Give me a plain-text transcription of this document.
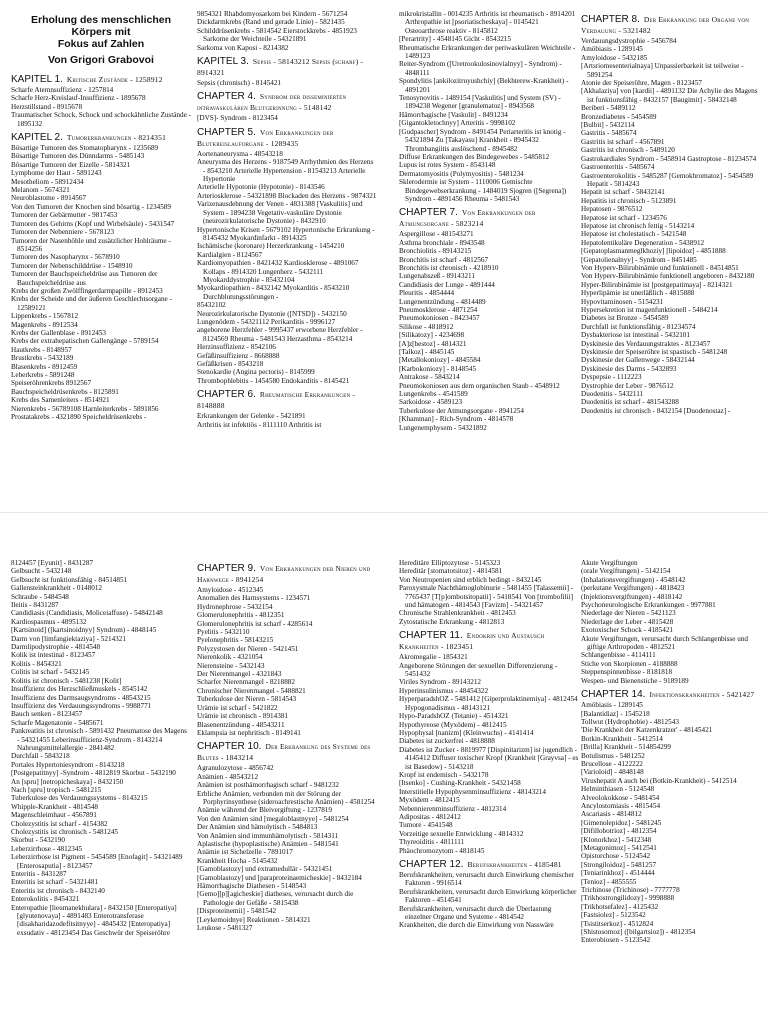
Erholung des menschlichen
Körpers mit
Fokus auf Zahlen
Von Grigori Grabovoi
KAPITEL 1. Kritische Zustände - 1258912
Scharfe Atemnsuffizienz - 1257814
Scharfe Herz-Kreislauf-Insuffizienz - 1895678
Herzstillstand - 8915678
Traumatischer Schock, Schock und schockähnliche Zustände - 1895132
KAPITEL 2. Tumorerkrankungen - 8214351
Bösartige Tumoren des Stomatopharynx - 1235689
Bösartige Tumoren des Dünndarms - 5485143
Bösartige Tumoren der Eizelle - 5814321
Lymphome der Haut - 5891243
Mesotheliom - 58912434
Melanom - 5674321
Neuroblastome - 8914567
Von den Tumoren der Knochen sind bösartig - 1234589
Tumoren der Gebärmutter - 9817453
Tumoren des Gehirns (Kopf und Wirbelsäule) - 5431547
Tumoren der Nebenniere - 5678123
Tumoren der Nasenhöhle und zusätzlicher Hohlräume - 8514256
Tumoren des Nasopharynx - 5678910
Tumoren der Nebenschilddrüse - 1548910
Tumoren der Bauchspeicheldrüse aus Tumoren der Bauchspeicheldrüse aus
Krebs der großen Zwölffingerdarmpapille - 8912453
Krebs der Scheide und der äußeren Geschlechtsorgane - 12589121
Lippenkrebs - 1567812
Magenkrebs - 8912534
Krebs der Gallenblase - 8912453
Krebs der extrahepatischen Gallengänge - 5789154
Hautkrebs - 8148957
Brustkrebs - 5432189
Blasenkrebs - 8912459
Leberkrebs - 5891248
Speiseröhrenkrebs 8912567
Bauchspeicheldrüsenkrebs - 8125891
Krebs des Samenleiters - 8514921
Nierenkrebs - 56789108 Harnleiterkrebs - 5891856
Prostatakrebs - 4321890 Speicheldrüsenkrebs -
9854321 Rhabdomyosarkom bei Kindern - 5671254
Dickdarmkrebs (Rand und gerade Linie) - 5821435
Schilddrüsenkrebs - 5814542 Eierstockkrebs - 4851923 Sarkome der Weichteile - 54321891
Sarkoma von Kaposi - 8214382
KAPITEL 3. Sepsis - 58143212 Sepsis (scharf) - 8914321
Sepsis (chronisch) - 8145421
CHAPTER 4. Syndrom der disseminierten intravaskulären Blutgerinnung - 5148142
[DVS]- Syndrom - 8123454
CHAPTER 5. Von Erkrankungen der Blutkreislauforgane - 1289435
Aortenaneurysma - 48543218
Aneurysma des Herzens - 9187549 Arrhythmien des Herzens - 8543210 Arterielle Hypertension - 81543213 Arterielle Hypertonie
Arterielle Hypotonie (Hypotonie) - 8143546
Arteriosklerose - 54321898 Blockaden des Herzens - 9874321
Varizenausdehnung der Venen - 4831388 [Vaskulitis] und System - 1894238 Vegetativ-vaskuläre Dystonie (neurozirkulatorische Dystonie) - 8432910
Hypertonische Krisen - 5679102 Hypertonische Erkrankung - 8145432 Myokardinfarkt - 8914325
Ischämische (koronare) Herzerkrankung - 1454210
Kardialgien - 8124567
Kardiomyopathien - 8421432 Kardiosklerose - 4891067 Kollaps - 8914320 Lungenherz - 5432111 Myokarddystrophie - 85432104
Myokardiopathien - 8432142 Myokarditis - 8543210 Durchblutungsstörungen -
85432102
Neurozirkulatorische Dystonie ([NTSD]) - 5432150
Lungenödem - 54321112 Perikarditis - 9996127
angeborene Herzfehler - 9995437 erworbene Herzfehler - 8124569 Rheuma - 5481543 Herzasthma - 8543214
Herzinsuffizienz - 8542106
Gefäßinsuffizienz - 8668888
Gefäßkrisen - 8543218
Stenokardie (Angina pectoris) - 8145999
Thrombophlebitis - 1454580 Endokarditis - 8145421
CHAPTER 6. Rheumatische Erkrankungen - 8148888
Erkrankungen der Gelenke - 5421891
Arthritis ist infektiös - 8111110 Arthritis ist
mikrokristallin - 0014235 Arthritis ist rheumatisch - 8914201 Arthropathie ist [psoriatischeskaya] - 0145421 Osteoarthrose reaktiv - 8145812
[Perartrity] - 4548145 Gicht - 8543215
Rheumatische Erkrankungen der periwaskulären Weichteile - 1489123
Reiter-Syndrom ([Uretrookulosinovialnyy] - Syndrom) - 4848111
Spondylitis [ankilozitruyushchiy] (Bekhterew-Krankheit) - 4891201
Tenosynovitis - 1489154 [Vaskulitis] und System (SV) - 1894238 Wegener [granulematoz] - 8943568
Hämorrhagische [Vaskulit] - 8491234
[Gigantokletochnyy] Arteritis - 9998102
[Gudpascher] Syndrom - 8491454 Periarteritis ist knotig - 54321894 Zu [Takayasu] Krankheit - 8945432 Thrombangiitis auslöschend - 8945482
Diffuse Erkrankungen des Bindegewebes - 5485812
Lupus ist rotes System - 8543148
Dermatomyositis (Polymyositis) - 5481234
Sklerodermie ist System - 1110006 Gemischte Bindegewebserkrankung - 1484019 Sjogren ([Sеgrena]) Syndrom - 4891456 Rheuma - 5481543
CHAPTER 7. Von Erkrankungen der Atmungsorgane - 5823214
Aspergillose - 481543271
Asthma bronchiale - 8943548
Bronchiolitis - 89143215
Bronchitis ist scharf - 4812567
Bronchitis ist chronisch - 4218910
Lungenabszeß - 89143211
Candidiasis der Lunge - 4891444
Pleuritis - 4854444
Lungenentzündung - 4814489
Pneumosklerose - 4871254
Pneumokoniosen - 8423457
Silikose - 4818912
[Silikatozy] - 4234698
[A]z[bestoz] - 4814321
[Talkoz] - 4845145
[Metallokoniozy] - 4845584
[Karbokoniozy] - 8148545
Antrakose - 5843214
Pneumokoniosen aus dem organischen Staub - 4548912
Lungenkrebs - 4541589
Sarkoidose - 4589123
Tuberkulose der Atmungsorgane - 8941254
[Khamman] - Rich-Syndrom - 4814578
Lungenemphysem - 54321892
CHAPTER 8. Der Erkrankung der Organe von Verdauung - 5321482
Verdauungsdystrophie - 5456784
Amöbiasis - 1289145
Amyloidose - 5432185
[Artsriomesenterialnaya] Unpassierbarkeit ist teilweise - 5891254
Atonie der Speiseröhre, Magen - 8123457
[Akhalaziya] von [kardii] - 4891132 Die Achylie des Magens ist funktionsfähig - 8432157 [Baugimit] - 58432148
Beriberi - 5489112
Bronzediabetes - 5454589
[Bulbit] - 5432114
Gastritis - 5485674
Gastritis ist scharf - 4567891
Gastritis ist chronisch - 5489120
Gastrokardiales Syndrom - 5458914 Gastroptose - 81234574
Gastroenteritis - 5485674
Gastroenterokolitis - 5485287 [Gemokhromatoz] - 5454589 Hepatit - 5814243
Hepatit ist scharf - 58432141
Hepatitis ist chronisch - 5123891
Hepatosen - 9876512
Hepatose ist scharf - 1234576
Hepatose ist chronisch fettig - 5143214
Hepatose ist cholestatisch - 5421548
Hepatolentikuläre Degeneration - 5438912
[Gepatoplasmanmeglkhoziy] [lipoidoz] - 4851888
[Gepatolienalnyy] - Syndrom - 8451485
Von Hyperv-Bilirubinämie und funktionell - 84514851
Von Hyperv-Bilirubinämie funktionell angeboren - 8432180
Hyper-Bilirubinämie ist [postgepatimaya] - 8214321
Hyperlipämie ist unerläßlich - 4815888
Hypovitaminosen - 5154231
Hypersekretion ist magenfunktionell - 5484214
Diabetes ist Bronze - 5454589
Durchfall ist funktionsfähig - 81234574
Dysbakteriose ist intestinal - 5432101
Dyskinesie des Verdauungstraktes - 8123457
Dyskinesie der Speiseröhre ist spastisch - 5481248
Dyskinesie der Gallenwege - 58432144
Dyskinesie des Darms - 5432893
Dyspepsie - 1112223
Dystrophie der Leber - 9876512
Duodenitis - 5432111
Duodenitis ist scharf - 481543288
Duodenitis ist chronisch - 8432154 [Duodenostaz] -
8124457 [Eyunit] - 8431287
Gelbsucht - 5432148
Gelbsucht ist funktionsfähig - 84514851
Gallensteinkrankheit - 0148012
Schraube - 5484548
Ileitis - 8431287
Candidiasis (Candidiasis, Moliceiaffuse) - 54842148
Kardiospasmus - 4895132
[Kartsinoid] ([kartsinoidnyy] Syndrom) - 4848145
Darm von [limfangiektaziya] - 5214321
Darmlipodystrophie - 4814548
Kolik ist intestinal - 8123457
Kolitis - 8454321
Colitis ist scharf - 5432145
Kolitis ist chronisch - 5481238 [Kolit]
Insuffizienz des Herzschließmuskels - 8545142
Insuffizienz des Darmsaugsyndroms - 48543215
Insuffizienz des Verdauungssyndroms - 9988771
Bauch senken - 8123457
Scharfe Magenatonie - 5485671
Pankreatitis ist chronisch - 5891432 Pneumatose des Magens - 54321455 Leberinsuffizienz-Syndrom - 8143214 Nahrungsmittelallergie - 2841482
Durchfall - 5843218
Portales Hypertoniesyndrom - 8143218
[Postgepatitnyy] -Syndrom - 4812819 Skorbut - 5432190
An [spru] [netropicheskaya] - 8432150
Nach [spru] tropisch - 5481215
Tuberkulose des Verdauungssystems - 8143215
Whipple-Krankheit - 4814548
Magenschleimhaut - 4567891
Cholezystitis ist scharf - 4154382
Cholezystitis ist chronisch - 5481245
Skorbut - 5432190
Leberzirrhose - 4812345
Leberzirrhose ist Pigment - 5454589 [Enofagit] - 54321489 [Enterosaputia] - 8123457
Enteritis - 8431287
Enteritis ist scharf - 54321481
Enteritis ist chronisch - 8432140
Enterokolitis - 8454321
Enteropathie [lieumanekhulara] - 8432150 [Enteropatiya] [glyutenovaya] - 4891483 Enterotransferase [disakharidazodefitsitnyye] - 4845432 [Enteropatiya] exsudativ - 48123454 Das Geschwür der Speiseröhre
CHAPTER 9. Von Erkrankungen der Nieren und Harnwege - 8941254
Amyloidose - 4512345
Anomalien des Harnsystems - 1234571
Hydronephrose - 5432154
Glomerulonephritis - 4812351
Glomerulonephritis ist scharf - 4285614
Pyelitis - 5432110
Pyelonephritis - 58143215
Polyzystosen der Nieren - 5421451
Nierenkolik - 4321054
Nierensteine - 5432143
Der Nierenmangel - 4321843
Scharfer Nierenmangel - 8218882
Chronischer Nierenmangel - 5488821
Tuberkulose der Nieren - 5814543
Urämie ist scharf - 5421822
Urämie ist chronisch - 8914381
Blasenentzündung - 48543211
Eklampsia ist nephritisch - 8149141
CHAPTER 10. Der Erkrankung des Systeme des Blutes - 1843214
Agranulozytose - 4856742
Anämien - 48543212
Anämien ist posthämorrhagisch scharf - 9481232
Erbliche Anämien, verbunden mit der Störung der Porphyrinsynthese (sideroachrestische Anämien) - 4581254
Anämie während der Bleivergiftung - 1237819
Von den Anämien sind [megaloblastnyye] - 5481254
Der Anämien sind hämolytisch - 5484813
Von Anämien sind immunhämolytisch - 5814311
Aplastische (hypoplastische) Anämien - 5481541
Anämie ist Sichelzelle - 7891017
Krankheit Hocha - 5145432
[Gamoblastozy] und extramedullär - 54321451
[Gamoblastozy] und [paraproteinaemicheskie] - 8432184
Hämorrhagische Diathesen - 5148543
[Gemo][p][agicheskie] diatheses, verursacht durch die Pathologie der Gefäße - 5815438
[Disproteinemii] - 5481542
[Leykemoidnye] Reaktionen - 5814321
Leukose - 5481327
Hereditäre Elliptozytose - 5145323
Hereditär [stomatotsitoz] - 4814581
Von Neutropenien sind erblich bedingt - 8432145
Paroxysmale Nachthämoglobinurie - 5481455 [Talassemii] - 7765437 [T[p]ombotsitopatii] - 5418541 Von [trombofilii] und hämatogen - 4814543 [Favizm] - 54321457
Chronische Strahlenkrankheit - 4812453
Zytostatische Erkrankung - 4812813
CHAPTER 11. Endokrin und Austausch Krankheiten - 1823451
Akromegalie - 1854321
Angeborene Störungen der sexuellen Differenzierung - 5451432
Viriles Syndrom - 89143212
Hyperinsulinismus - 48454322
HyperparadshOZ - 5481412 [Giperprolaktinemiya] - 4812454 Hypogonadismus - 48143121
Hypo-ParadshOZ (Tetanie) - 4514321
Hypothyreose (Myxödem) - 4812415
Hypophysal [nanizm] (Kleinwuchs) - 4141414
Diabetes ist zuckerfrei - 4818888
Diabetes ist Zucker - 8819977 [Dispinitarizm] ist jugendlich - 4145412 Diffuser toxischer Kropf (Krankheit [Grayvsa] - es ist Basedow) - 5143218
Kropf ist endemisch - 5432178
[Itsenko] - Cushing-Krankheit - 54321458
Interstitielle Hypophysenminsuffizienz - 48143214
Myxödem - 4812415
Nebennierenminsuffizienz - 4812314
Adipositas - 4812412
Tumore - 4541548
Vorzeitige sexuelle Entwicklung - 4814312
Thyreoiditis - 4811111
Phäochromozytom - 4818145
CHAPTER 12. Berufskrankheiten - 4185481
Berufskrankheiten, verursacht durch Einwirkung chemischer Faktoren - 9916514
Berufskrankheiten, verursacht durch Einwirkung körperlicher Faktoren - 4514541
Berufskrankheiten, verursacht durch die Überlastung einzelner Organe und Systeme - 4814542
Krankheiten, die durch die Einwirkung von Nasswäre
Akute Vergiftungen
(orale Vergiftungen) - 5142154
(Inhalationsvergiftungen) - 4548142
(perkutane Vergiftungen) - 4818423
(Injektionsvergiftungen) - 4818142
Psychoneurologische Erkrankungen - 9977881
Niederlage der Nieren - 5421123
Niederlage der Leber - 4815428
Exotoxischer Schock - 4185421
Akute Vergiftungen, verursacht durch Schlangenbisse und giftige Arthropoden - 4812521
Schlangenbisse - 4114111
Stiche von Skorpionen - 4188888
Steppenspinnenbisse - 8181818
Wespen- und Bienenstiche - 9189189
CHAPTER 14. Infektionskrankheiten - 5421427
Amöbiasis - 1289145
[Balantidiaz] - 1545218
Tollwut (Hydrophobie) - 4812543
'Die Krankheit der Katzenkratzer' - 48145421
Botkin-Krankheit - 5412514
[Brilla] Krankheit - 514854299
Botulismus - 5481252
Brucellose - 4122222
[Varioloid] - 4848148
Virushepatit A auch bei (Botkin-Krankheit) - 5412514
Helminthiasen - 5124548
Alveolokokkose - 5481454
Ancylostomiasis - 4815454
Ascariasis - 4814812
[Gimenolepidoz] - 5481245
[Difillobotrioz] - 4812354
[Klonorkhoz] - 5412348
[Metagonimoz] - 5412541
Opistorchose - 5124542
[Strongiloidoz] - 5481257
[Teniarinkhoz] - 4514444
[Tenioz] - 4855555
Trichinose (Trichinose) - 7777778
[Trikhostrongilidozy] - 9998888
[Trikhotsefalez] - 4125432
[Fastsiolez] - 5123542
[Tsistitserkoz] - 4512824
[Shistosomoz] ([bilgartsioz]) - 4812354
Enterobiosen - 5123542
